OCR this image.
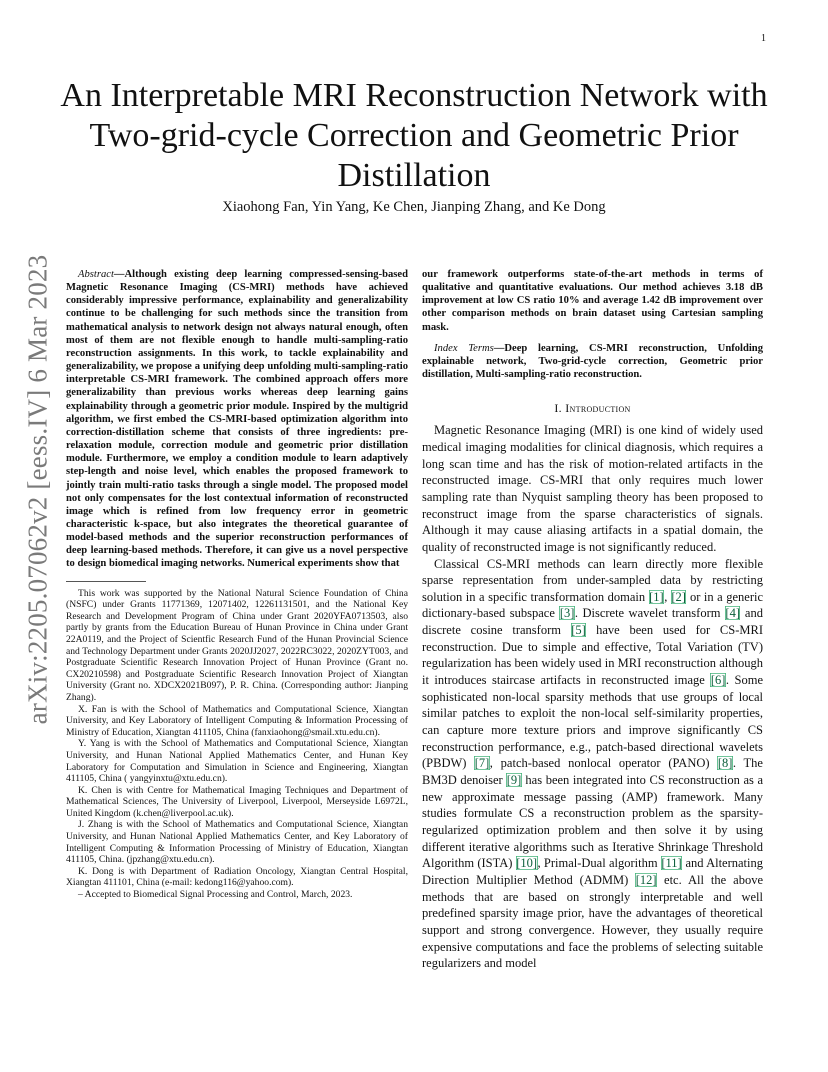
1
arXiv:2205.07062v2 [eess.IV] 6 Mar 2023
An Interpretable MRI Reconstruction Network with Two-grid-cycle Correction and Geometric Prior Distillation
Xiaohong Fan, Yin Yang, Ke Chen, Jianping Zhang, and Ke Dong

Abstract—Although existing deep learning compressed-sensing-based Magnetic Resonance Imaging (CS-MRI) methods have achieved considerably impressive performance, explainability and generalizability continue to be challenging for such methods since the transition from mathematical analysis to network design not always natural enough, often most of them are not flexible enough to handle multi-sampling-ratio reconstruction assignments. In this work, to tackle explainability and generalizability, we propose a unifying deep unfolding multi-sampling-ratio interpretable CS-MRI framework. The combined approach offers more generalizability than previous works whereas deep learning gains explainability through a geometric prior module. Inspired by the multigrid algorithm, we first embed the CS-MRI-based optimization algorithm into correction-distillation scheme that consists of three ingredients: pre-relaxation module, correction module and geometric prior distillation module. Furthermore, we employ a condition module to learn adaptively step-length and noise level, which enables the proposed framework to jointly train multi-ratio tasks through a single model. The proposed model not only compensates for the lost contextual information of reconstructed image which is refined from low frequency error in geometric characteristic k-space, but also integrates the theoretical guarantee of model-based methods and the superior reconstruction performances of deep learning-based methods. Therefore, it can give us a novel perspective to design biomedical imaging networks. Numerical experiments show that

This work was supported by the National Natural Science Foundation of China (NSFC) under Grants 11771369, 12071402, 12261131501, and the National Key Research and Development Program of China under Grant 2020YFA0713503, also partly by grants from the Education Bureau of Hunan Province in China under Grant 22A0119, and the Project of Scientfic Research Fund of the Hunan Provincial Science and Technology Department under Grants 2020JJ2027, 2022RC3022, 2020ZYT003, and Postgraduate Scientific Research Innovation Project of Hunan Province (Grant no. CX20210598) and Postgraduate Scientific Research Innovation Project of Xiangtan University (Grant no. XDCX2021B097), P. R. China. (Corresponding author: Jianping Zhang).

X. Fan is with the School of Mathematics and Computational Science, Xiangtan University, and Key Laboratory of Intelligent Computing & Information Processing of Ministry of Education, Xiangtan 411105, China (fanxiaohong@smail.xtu.edu.cn).

Y. Yang is with the School of Mathematics and Computational Science, Xiangtan University, and Hunan National Applied Mathematics Center, and Hunan Key Laboratory for Computation and Simulation in Science and Engineering, Xiangtan 411105, China ( yangyinxtu@xtu.edu.cn).

K. Chen is with Centre for Mathematical Imaging Techniques and Department of Mathematical Sciences, The University of Liverpool, Liverpool, Merseyside L6972L, United Kingdom (k.chen@liverpool.ac.uk).

J. Zhang is with the School of Mathematics and Computational Science, Xiangtan University, and Hunan National Applied Mathematics Center, and Key Laboratory of Intelligent Computing & Information Processing of Ministry of Education, Xiangtan 411105, China. (jpzhang@xtu.edu.cn).

K. Dong is with Department of Radiation Oncology, Xiangtan Central Hospital, Xiangtan 411101, China (e-mail: kedong116@yahoo.com).

– Accepted to Biomedical Signal Processing and Control, March, 2023.

our framework outperforms state-of-the-art methods in terms of qualitative and quantitative evaluations. Our method achieves 3.18 dB improvement at low CS ratio 10% and average 1.42 dB improvement over other comparison methods on brain dataset using Cartesian sampling mask.

Index Terms—Deep learning, CS-MRI reconstruction, Unfolding explainable network, Two-grid-cycle correction, Geometric prior distillation, Multi-sampling-ratio reconstruction.

I. Introduction

Magnetic Resonance Imaging (MRI) is one kind of widely used medical imaging modalities for clinical diagnosis, which requires a long scan time and has the risk of motion-related artifacts in the reconstructed image. CS-MRI that only requires much lower sampling rate than Nyquist sampling theory has been proposed to reconstruct image from the sparse characteristics of signals. Although it may cause aliasing artifacts in a spatial domain, the quality of reconstructed image is not significantly reduced.

Classical CS-MRI methods can learn directly more flexible sparse representation from under-sampled data by restricting solution in a specific transformation domain [1], [2] or in a generic dictionary-based subspace [3]. Discrete wavelet transform [4] and discrete cosine transform [5] have been used for CS-MRI reconstruction. Due to simple and effective, Total Variation (TV) regularization has been widely used in MRI reconstruction although it introduces staircase artifacts in reconstructed image [6]. Some sophisticated non-local sparsity methods that use groups of local similar patches to exploit the non-local self-similarity properties, can capture more texture priors and improve significantly CS reconstruction performance, e.g., patch-based directional wavelets (PBDW) [7], patch-based nonlocal operator (PANO) [8]. The BM3D denoiser [9] has been integrated into CS reconstruction as a new approximate message passing (AMP) framework. Many studies formulate CS a reconstruction problem as the sparsity-regularized optimization problem and then solve it by using different iterative algorithms such as Iterative Shrinkage Threshold Algorithm (ISTA) [10], Primal-Dual algorithm [11] and Alternating Direction Multiplier Method (ADMM) [12] etc. All the above methods that are based on strongly interpretable and well predefined sparsity image prior, have the advantages of theoretical support and strong convergence. However, they usually require expensive computations and face the problems of selecting suitable regularizers and model
